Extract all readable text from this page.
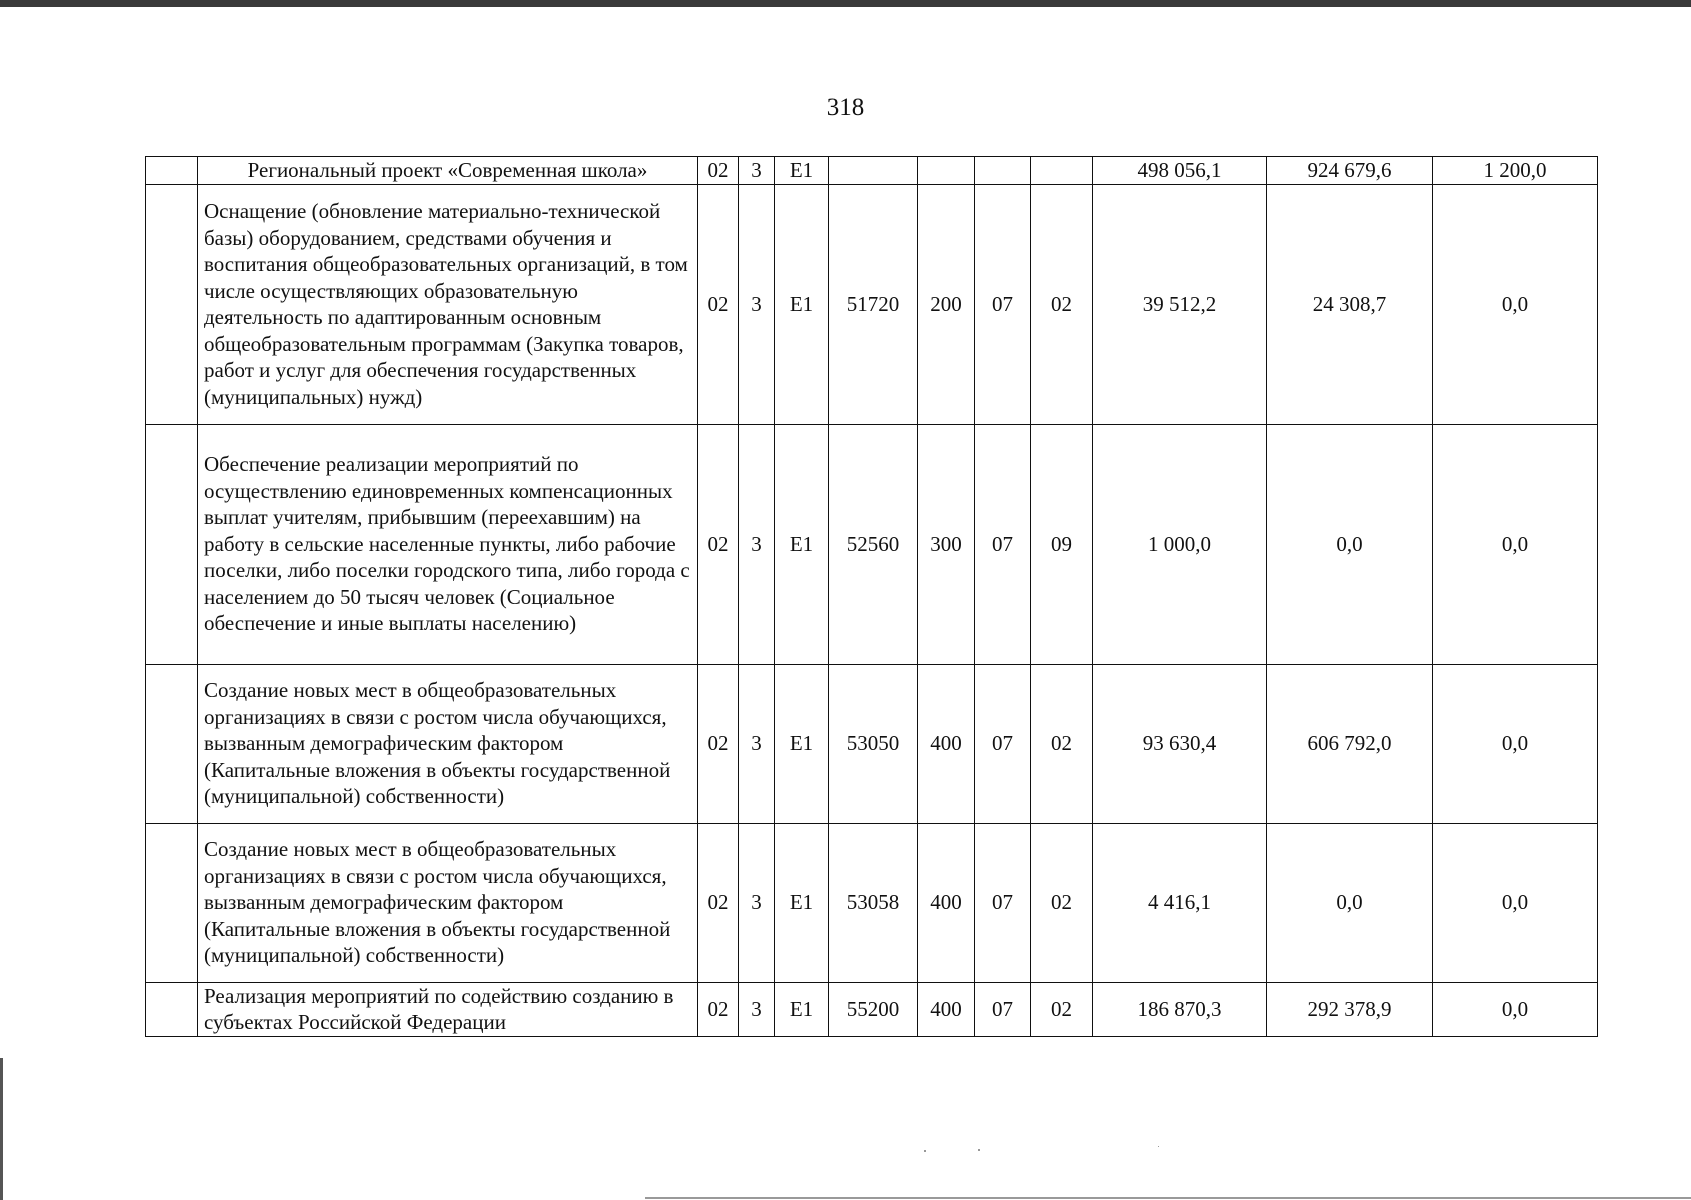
318
	Региональный проект «Современная школа»	02	3	E1					498 056,1	924 679,6	1 200,0
	Оснащение (обновление материально-технической базы) оборудованием, средствами обучения и воспитания общеобразовательных организаций, в том числе осуществляющих образовательную деятельность по адаптированным основным общеобразовательным программам (Закупка товаров, работ и услуг для обеспечения государственных (муниципальных) нужд)	02	3	E1	51720	200	07	02	39 512,2	24 308,7	0,0
	Обеспечение реализации мероприятий по осуществлению единовременных компенсационных выплат учителям, прибывшим (переехавшим) на работу в сельские населенные пункты, либо рабочие поселки, либо поселки городского типа, либо города с населением до 50 тысяч человек (Социальное обеспечение и иные выплаты населению)	02	3	E1	52560	300	07	09	1 000,0	0,0	0,0
	Создание новых мест в общеобразовательных организациях в связи с ростом числа обучающихся, вызванным демографическим фактором (Капитальные вложения в объекты государственной (муниципальной) собственности)	02	3	E1	53050	400	07	02	93 630,4	606 792,0	0,0
	Создание новых мест в общеобразовательных организациях в связи с ростом числа обучающихся, вызванным демографическим фактором (Капитальные вложения в объекты государственной (муниципальной) собственности)	02	3	E1	53058	400	07	02	4 416,1	0,0	0,0
	Реализация мероприятий по содействию созданию в субъектах Российской Федерации	02	3	E1	55200	400	07	02	186 870,3	292 378,9	0,0
